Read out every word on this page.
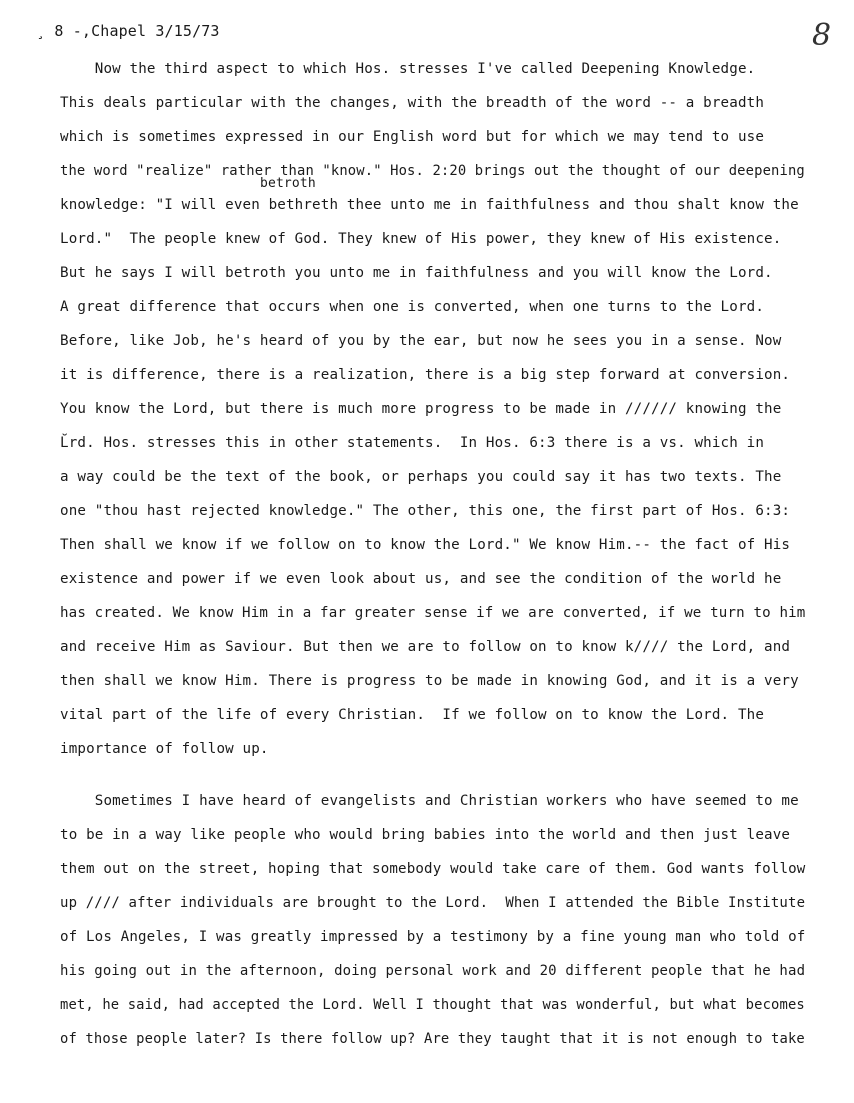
¸ 8 -,Chapel 3/15/73	8
betroth
Now the third aspect to which Hos. stresses I've called Deepening Knowledge.
This deals particular with the changes, with the breadth of the word -- a breadth
which is sometimes expressed in our English word but for which we may tend to use
the word "realize" rather than "know." Hos. 2:20 brings out the thought of our deepening
knowledge: "I will even bethreth thee unto me in faithfulness and thou shalt know the
Lord."  The people knew of God. They knew of His power, they knew of His existence.
But he says I will betroth you unto me in faithfulness and you will know the Lord.
A great difference that occurs when one is converted, when one turns to the Lord.
Before, like Job, he's heard of you by the ear, but now he sees you in a sense. Now
it is difference, there is a realization, there is a big step forward at conversion.
You know the Lord, but there is much more progress to be made in ////// knowing the
L̆rd. Hos. stresses this in other statements.  In Hos. 6:3 there is a vs. which in
a way could be the text of the book, or perhaps you could say it has two texts. The
one "thou hast rejected knowledge." The other, this one, the first part of Hos. 6:3:
Then shall we know if we follow on to know the Lord." We know Him.-- the fact of His
existence and power if we even look about us, and see the condition of the world he
has created. We know Him in a far greater sense if we are converted, if we turn to him
and receive Him as Saviour. But then we are to follow on to know k//// the Lord, and
then shall we know Him. There is progress to be made in knowing God, and it is a very
vital part of the life of every Christian.  If we follow on to know the Lord. The
importance of follow up.
Sometimes I have heard of evangelists and Christian workers who have seemed to me
to be in a way like people who would bring babies into the world and then just leave
them out on the street, hoping that somebody would take care of them. God wants follow
up //// after individuals are brought to the Lord.  When I attended the Bible Institute
of Los Angeles, I was greatly impressed by a testimony by a fine young man who told of
his going out in the afternoon, doing personal work and 20 different people that he had
met, he said, had accepted the Lord. Well I thought that was wonderful, but what becomes
of those people later? Is there follow up? Are they taught that it is not enough to take
